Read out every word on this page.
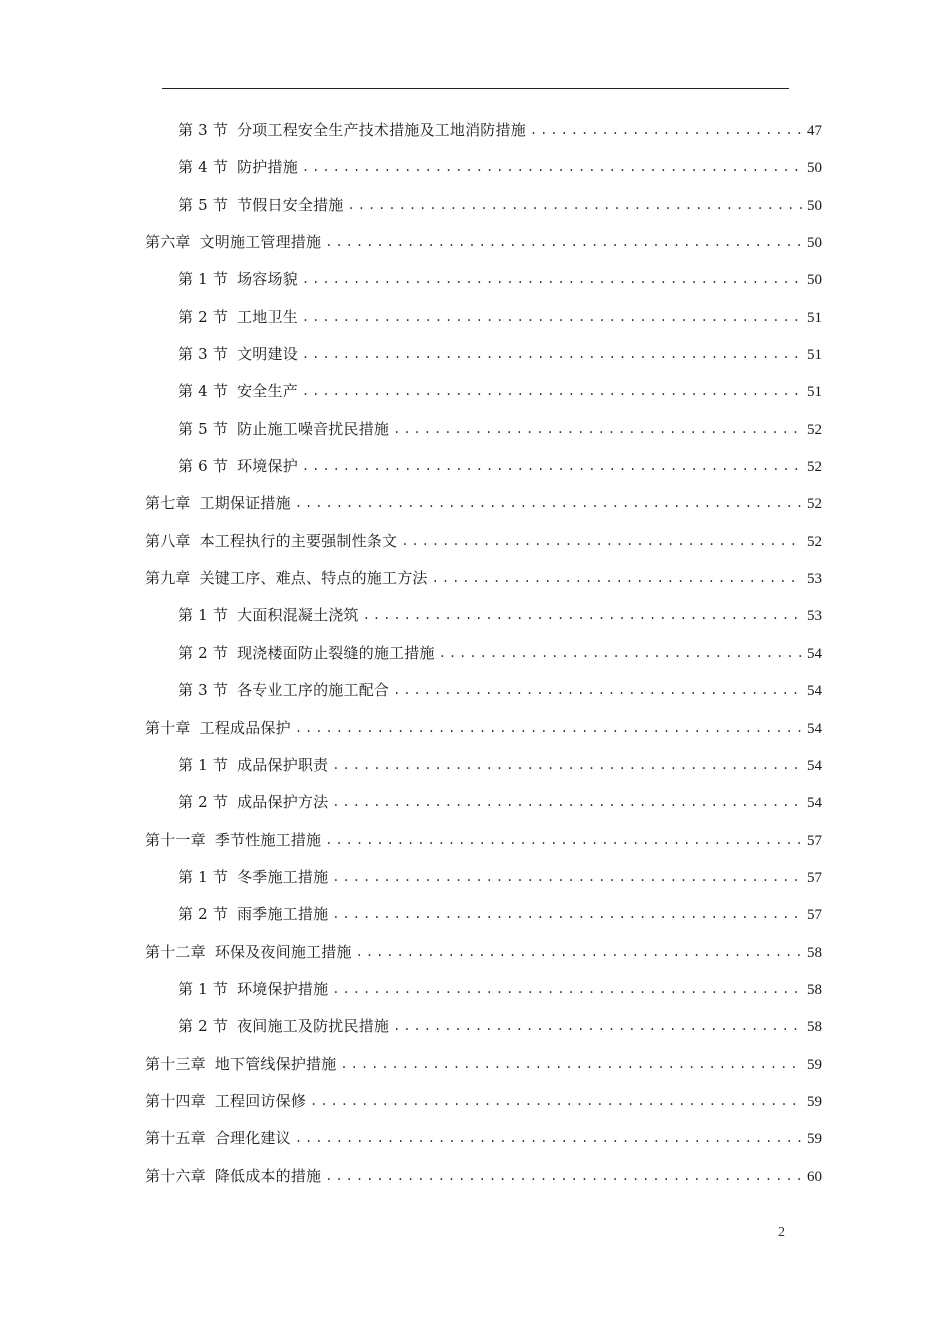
第 3 节 分项工程安全生产技术措施及工地消防措施 .....	47
第 4 节 防护措施 .....	50
第 5 节 节假日安全措施 .....	50
第六章 文明施工管理措施 .....	50
第 1 节 场容场貌 .....	50
第 2 节 工地卫生 .....	51
第 3 节 文明建设 .....	51
第 4 节 安全生产 .....	51
第 5 节 防止施工噪音扰民措施 .....	52
第 6 节 环境保护 .....	52
第七章 工期保证措施 .....	52
第八章 本工程执行的主要强制性条文 .....	52
第九章 关键工序、难点、特点的施工方法 .....	53
第 1 节 大面积混凝土浇筑 .....	53
第 2 节 现浇楼面防止裂缝的施工措施 .....	54
第 3 节 各专业工序的施工配合 .....	54
第十章 工程成品保护 .....	54
第 1 节 成品保护职责 .....	54
第 2 节 成品保护方法 .....	54
第十一章 季节性施工措施 .....	57
第 1 节 冬季施工措施 .....	57
第 2 节 雨季施工措施 .....	57
第十二章 环保及夜间施工措施 .....	58
第 1 节 环境保护措施 .....	58
第 2 节 夜间施工及防扰民措施 .....	58
第十三章 地下管线保护措施 .....	59
第十四章 工程回访保修 .....	59
第十五章 合理化建议 .....	59
第十六章 降低成本的措施 .....	60
2
